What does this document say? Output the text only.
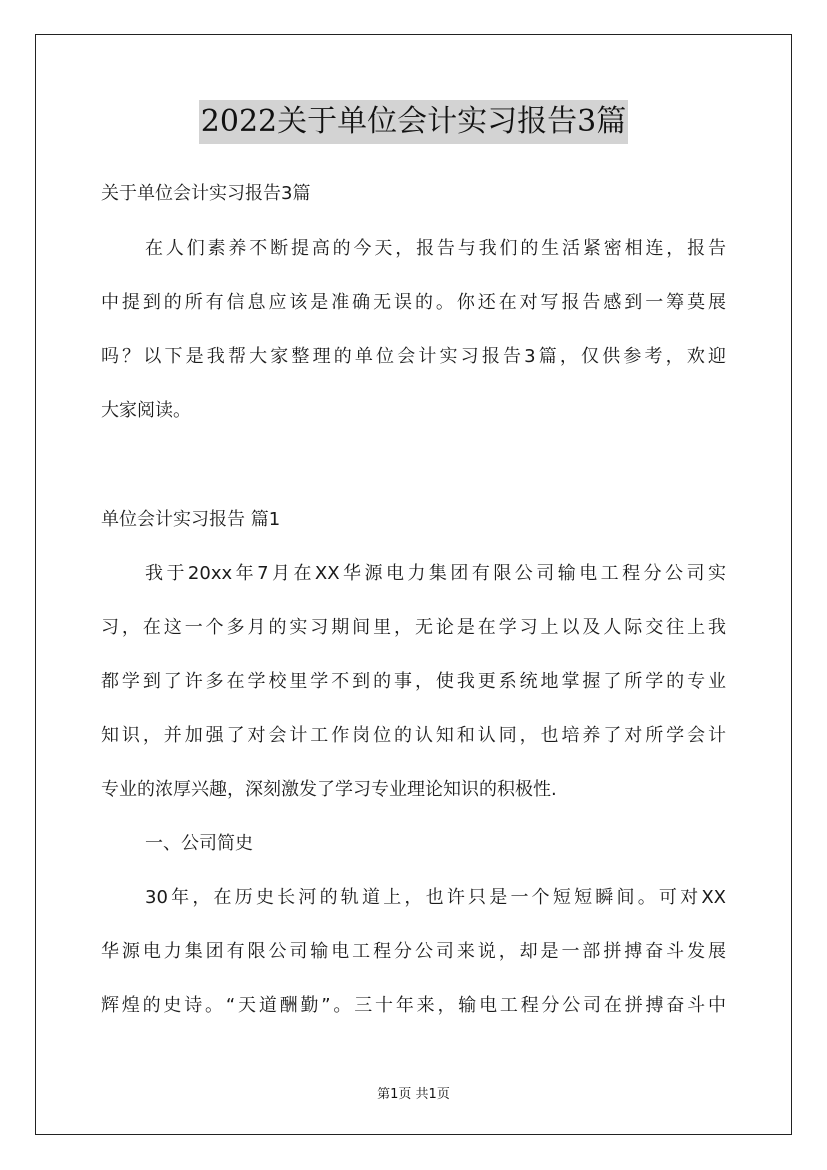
2022关于单位会计实习报告3篇
关于单位会计实习报告3篇
在人们素养不断提高的今天，报告与我们的生活紧密相连，报告
中提到的所有信息应该是准确无误的。你还在对写报告感到一筹莫展
吗？以下是我帮大家整理的单位会计实习报告3篇，仅供参考，欢迎
大家阅读。
单位会计实习报告 篇1
我于20xx年7月在XX华源电力集团有限公司输电工程分公司实
习，在这一个多月的实习期间里，无论是在学习上以及人际交往上我
都学到了许多在学校里学不到的事，使我更系统地掌握了所学的专业
知识，并加强了对会计工作岗位的认知和认同，也培养了对所学会计
专业的浓厚兴趣，深刻激发了学习专业理论知识的积极性.
一、公司简史
30年，在历史长河的轨道上，也许只是一个短短瞬间。可对XX
华源电力集团有限公司输电工程分公司来说，却是一部拼搏奋斗发展
辉煌的史诗。“天道酬勤”。三十年来，输电工程分公司在拼搏奋斗中
第1页 共1页
